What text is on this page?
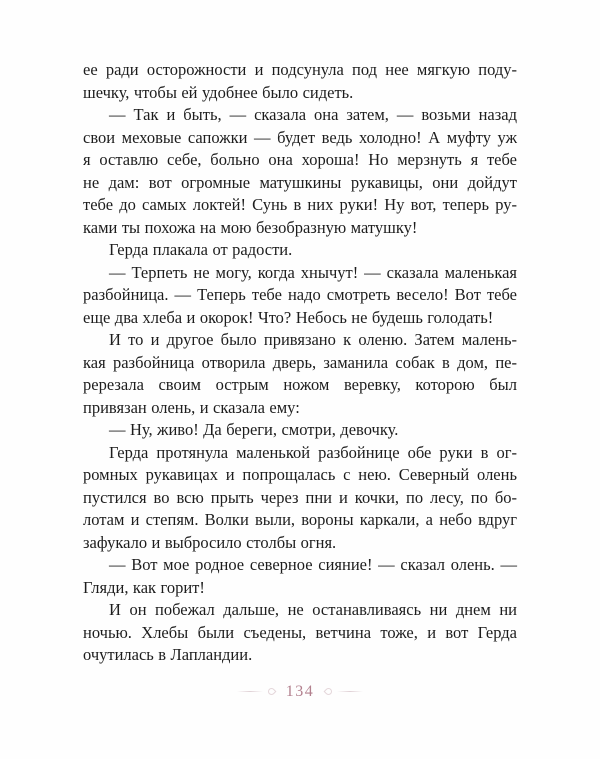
ее ради осторожности и подсунула под нее мягкую поду-
шечку, чтобы ей удобнее было сидеть.
— Так и быть, — сказала она затем, — возьми назад
свои меховые сапожки — будет ведь холодно! А муфту уж
я оставлю себе, больно она хороша! Но мерзнуть я тебе
не дам: вот огромные матушкины рукавицы, они дойдут
тебе до самых локтей! Сунь в них руки! Ну вот, теперь ру-
ками ты похожа на мою безобразную матушку!
Герда плакала от радости.
— Терпеть не могу, когда хнычут! — сказала маленькая
разбойница. — Теперь тебе надо смотреть весело! Вот тебе
еще два хлеба и окорок! Что? Небось не будешь голодать!
И то и другое было привязано к оленю. Затем малень-
кая разбойница отворила дверь, заманила собак в дом, пе-
ререзала своим острым ножом веревку, которою был
привязан олень, и сказала ему:
— Ну, живо! Да береги, смотри, девочку.
Герда протянула маленькой разбойнице обе руки в ог-
ромных рукавицах и попрощалась с нею. Северный олень
пустился во всю прыть через пни и кочки, по лесу, по бо-
лотам и степям. Волки выли, вороны каркали, а небо вдруг
зафукало и выбросило столбы огня.
— Вот мое родное северное сияние! — сказал олень. —
Гляди, как горит!
И он побежал дальше, не останавливаясь ни днем ни
ночью. Хлебы были съедены, ветчина тоже, и вот Герда
очутилась в Лапландии.
134
